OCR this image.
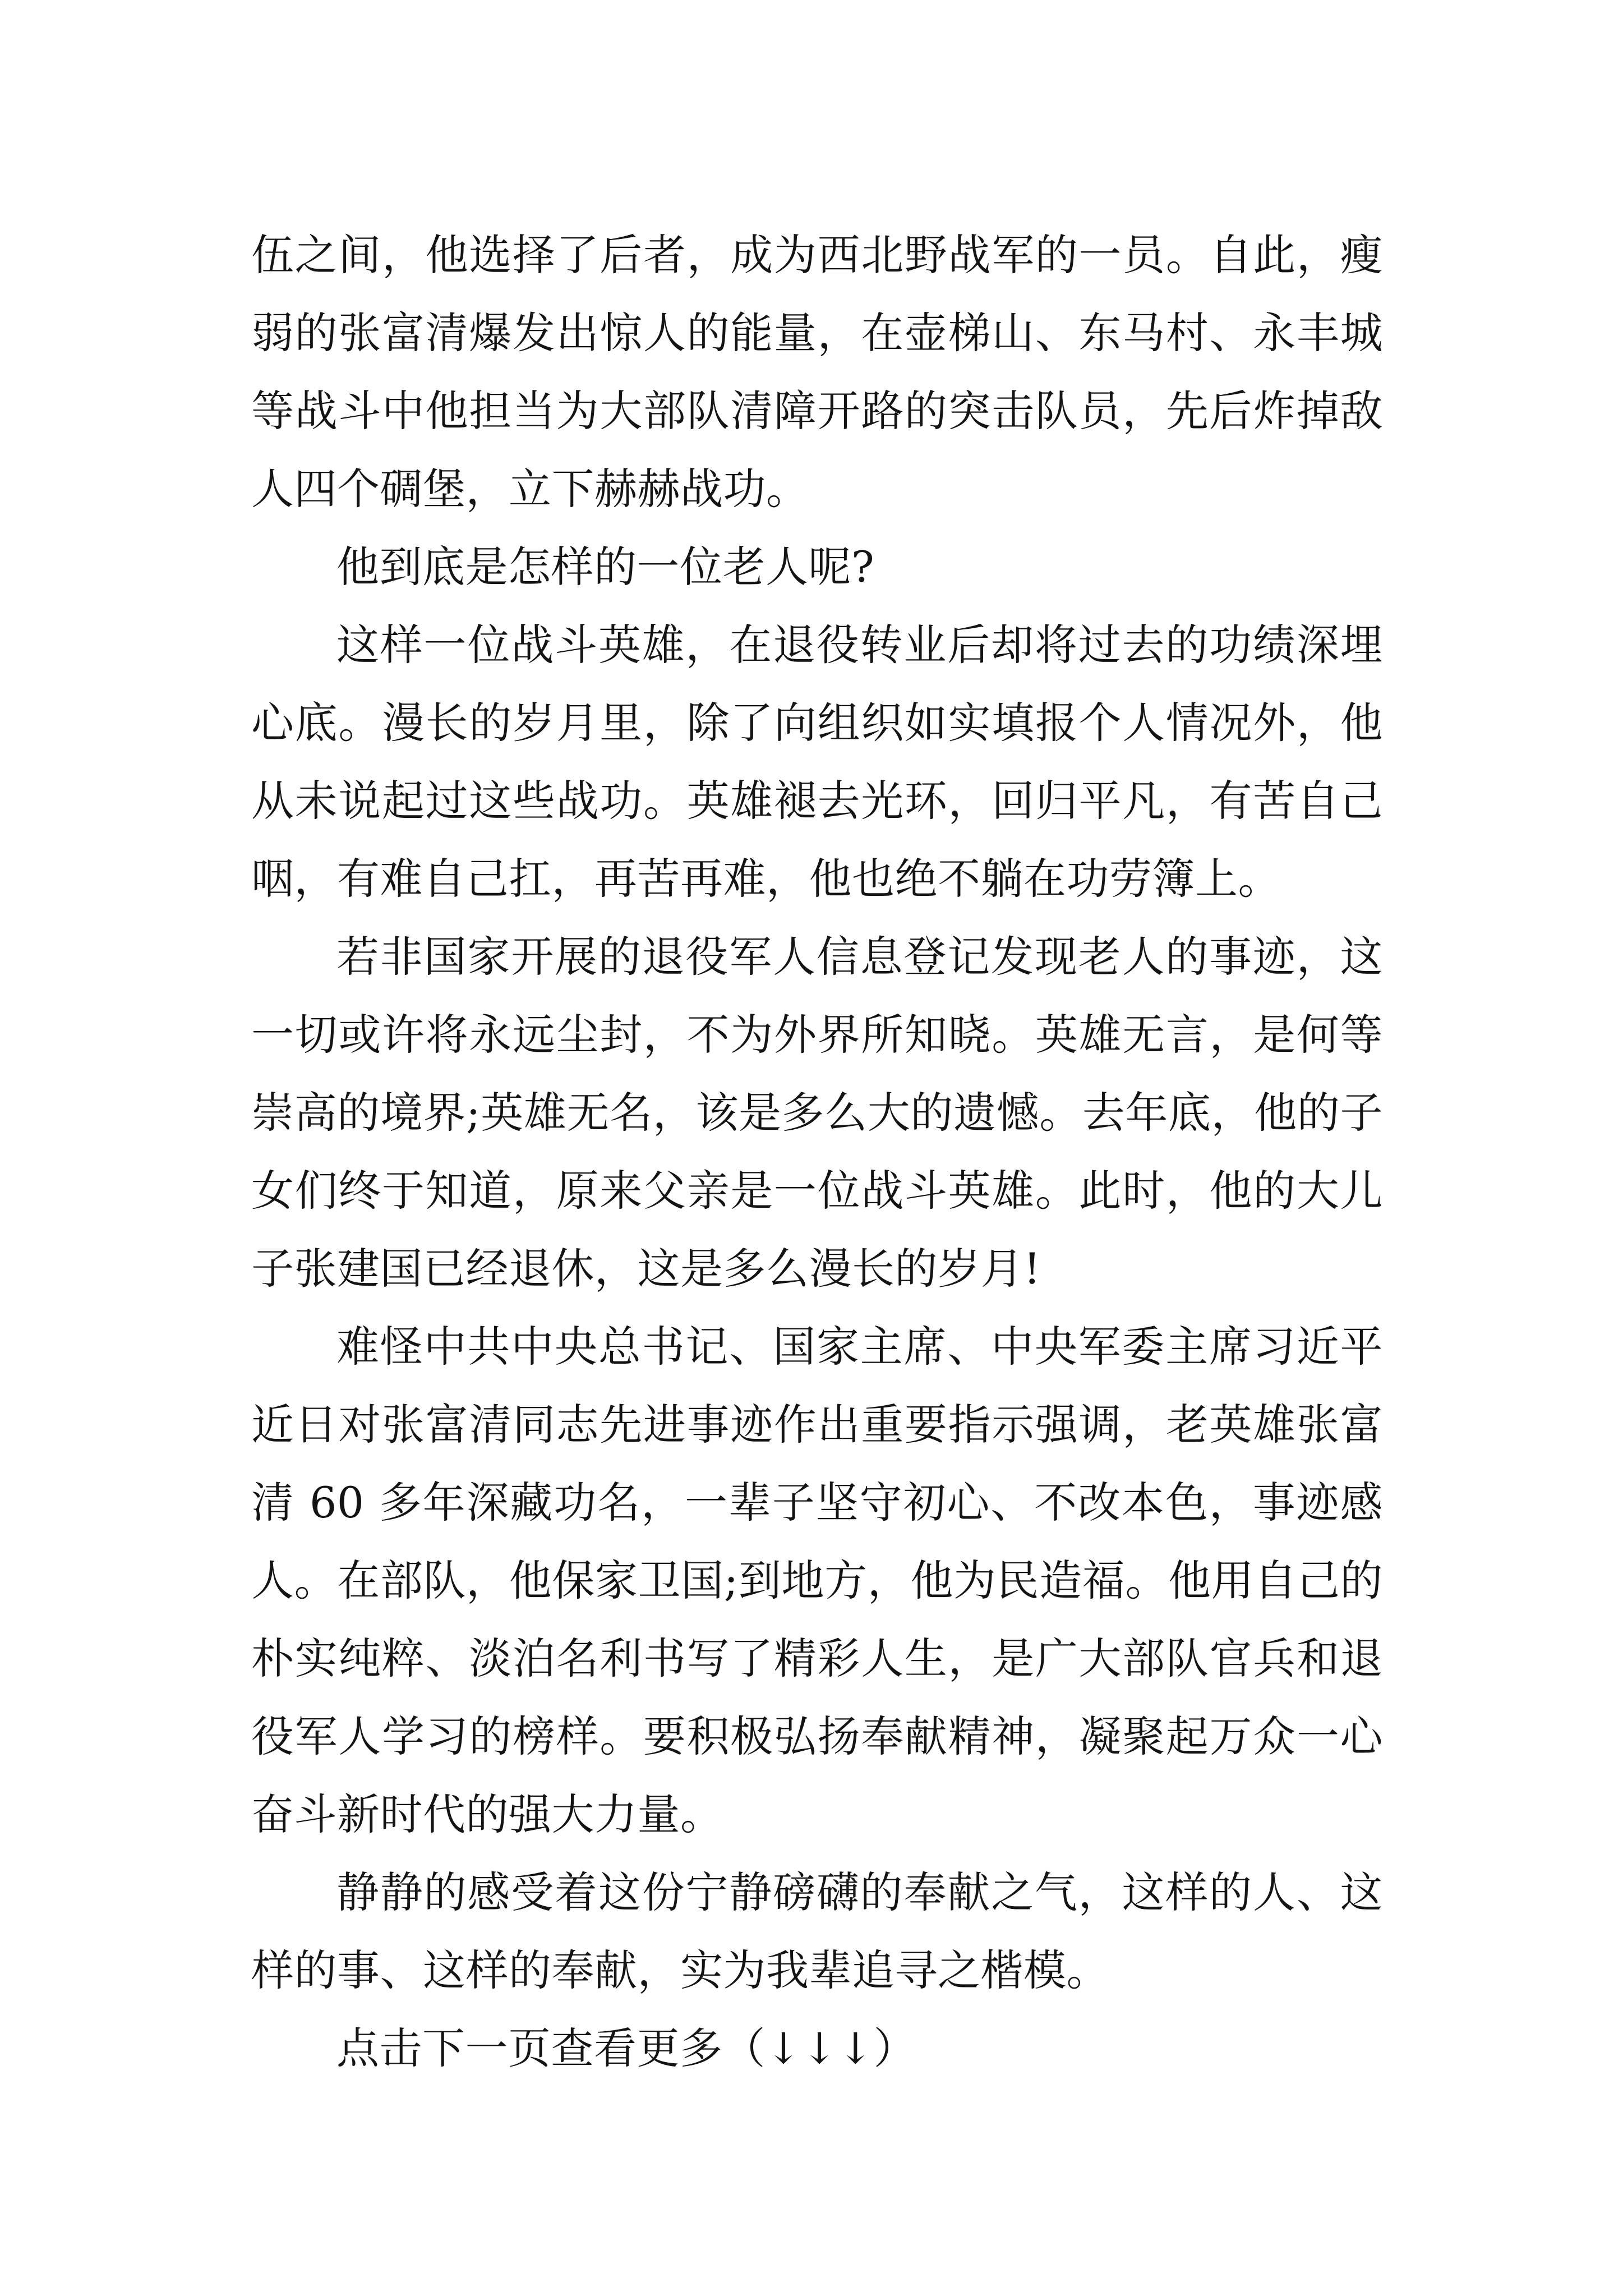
伍之间，他选择了后者，成为西北野战军的一员。自此，瘦弱的张富清爆发出惊人的能量，在壶梯山、东马村、永丰城等战斗中他担当为大部队清障开路的突击队员，先后炸掉敌人四个碉堡，立下赫赫战功。

他到底是怎样的一位老人呢?

这样一位战斗英雄，在退役转业后却将过去的功绩深埋心底。漫长的岁月里，除了向组织如实填报个人情况外，他从未说起过这些战功。英雄褪去光环，回归平凡，有苦自己咽，有难自己扛，再苦再难，他也绝不躺在功劳簿上。

若非国家开展的退役军人信息登记发现老人的事迹，这一切或许将永远尘封，不为外界所知晓。英雄无言，是何等崇高的境界;英雄无名，该是多么大的遗憾。去年底，他的子女们终于知道，原来父亲是一位战斗英雄。此时，他的大儿子张建国已经退休，这是多么漫长的岁月!

难怪中共中央总书记、国家主席、中央军委主席习近平近日对张富清同志先进事迹作出重要指示强调，老英雄张富清 60 多年深藏功名，一辈子坚守初心、不改本色，事迹感人。在部队，他保家卫国;到地方，他为民造福。他用自己的朴实纯粹、淡泊名利书写了精彩人生，是广大部队官兵和退役军人学习的榜样。要积极弘扬奉献精神，凝聚起万众一心奋斗新时代的强大力量。

静静的感受着这份宁静磅礴的奉献之气，这样的人、这样的事、这样的奉献，实为我辈追寻之楷模。

点击下一页查看更多（↓↓↓）
